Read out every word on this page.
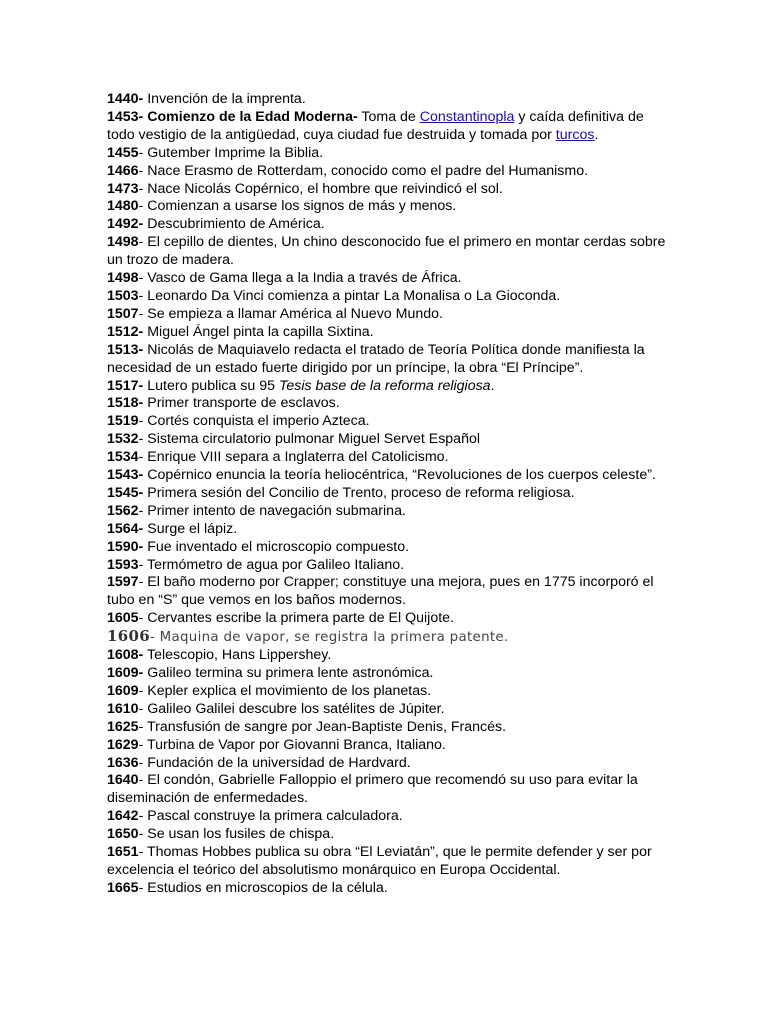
1440- Invención de la imprenta.

1453- Comienzo de la Edad Moderna- Toma de Constantinopla y caída definitiva de todo vestigio de la antigüedad, cuya ciudad fue destruida y tomada por turcos.

1455- Gutember Imprime la Biblia.

1466- Nace Erasmo de Rotterdam, conocido como el padre del Humanismo.

1473- Nace Nicolás Copérnico, el hombre que reivindicó el sol.

1480- Comienzan a usarse los signos de más y menos.

1492- Descubrimiento de América.

1498- El cepillo de dientes, Un chino desconocido fue el primero en montar cerdas sobre un trozo de madera.

1498- Vasco de Gama llega a la India a través de África.

1503- Leonardo Da Vinci comienza a pintar La Monalisa o La Gioconda.

1507- Se empieza a llamar América al Nuevo Mundo.

1512- Miguel Ángel pinta la capilla Sixtina.

1513- Nicolás de Maquiavelo redacta el tratado de Teoría Política donde manifiesta la necesidad de un estado fuerte dirigido por un príncipe, la obra “El Príncipe”.

1517- Lutero publica su 95 Tesis base de la reforma religiosa.

1518- Primer transporte de esclavos.

1519- Cortés conquista el imperio Azteca.

1532- Sistema circulatorio pulmonar Miguel Servet Español

1534- Enrique VIII separa a Inglaterra del Catolicismo.

1543- Copérnico enuncia la teoría heliocéntrica, “Revoluciones de los cuerpos celeste”.

1545- Primera sesión del Concilio de Trento, proceso de reforma religiosa.

1562- Primer intento de navegación submarina.

1564- Surge el lápiz.

1590- Fue inventado el microscopio compuesto.

1593- Termómetro de agua por Galileo Italiano.

1597- El baño moderno por Crapper; constituye una mejora, pues en 1775 incorporó el tubo en “S” que vemos en los baños modernos.

1605- Cervantes escribe la primera parte de El Quijote.

1606- Maquina de vapor, se registra la primera patente.

1608- Telescopio, Hans Lippershey.

1609- Galileo termina su primera lente astronómica.

1609- Kepler explica el movimiento de los planetas.

1610- Galileo Galilei descubre los satélites de Júpiter.

1625- Transfusión de sangre por Jean-Baptiste Denis, Francés.

1629- Turbina de Vapor por Giovanni Branca, Italiano.

1636- Fundación de la universidad de Hardvard.

1640- El condón, Gabrielle Falloppio el primero que recomendó su uso para evitar la diseminación de enfermedades.

1642- Pascal construye la primera calculadora.

1650- Se usan los fusiles de chispa.

1651- Thomas Hobbes publica su obra “El Leviatán”, que le permite defender y ser por excelencia el teórico del absolutismo monárquico en Europa Occidental.

1665- Estudios en microscopios de la célula.
